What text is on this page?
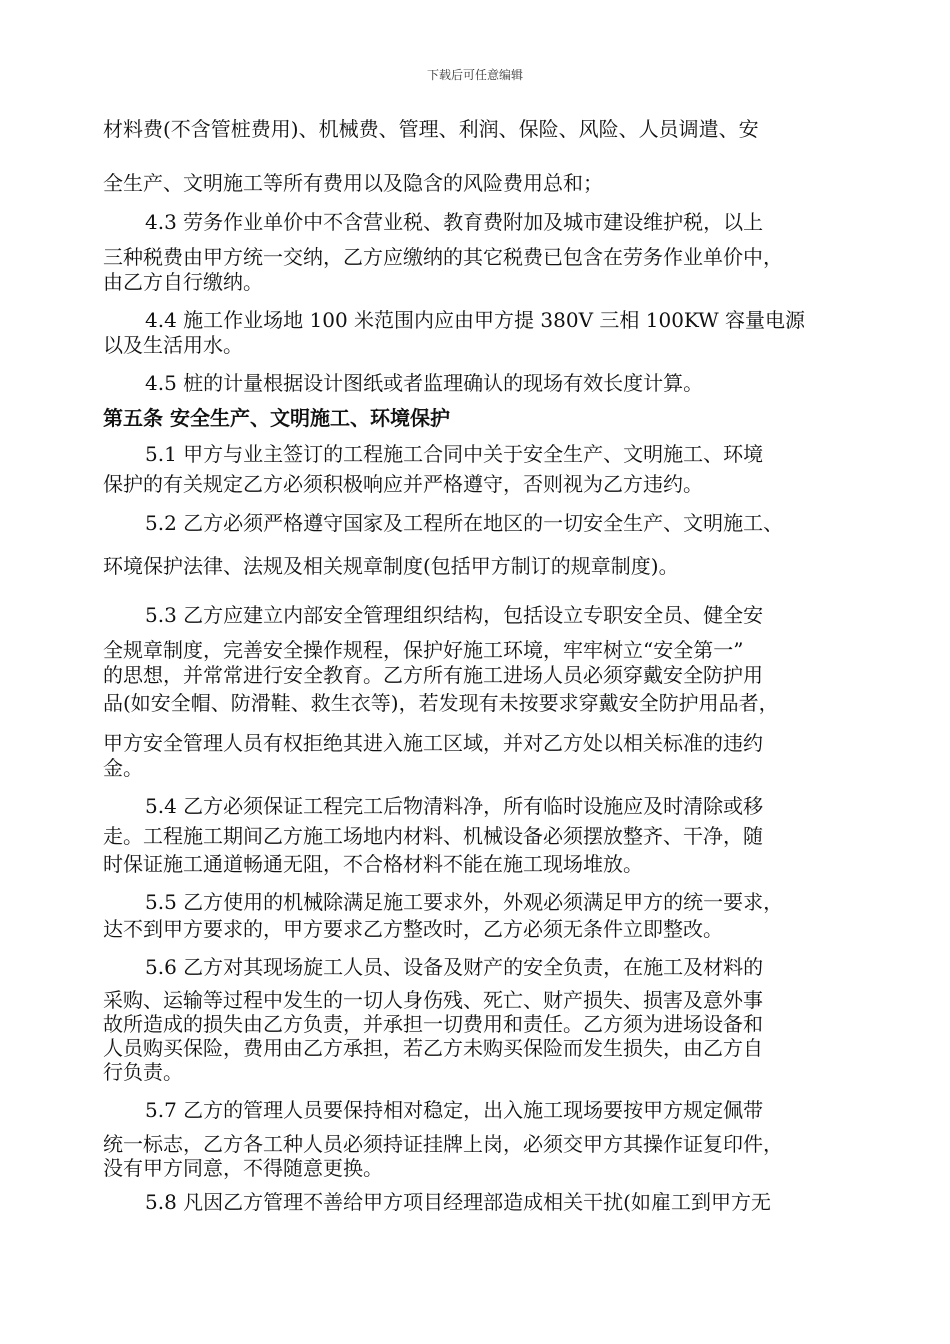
下载后可任意编辑
材料费(不含管桩费用)、机械费、管理、利润、保险、风险、人员调遣、安
全生产、文明施工等所有费用以及隐含的风险费用总和；
4.3 劳务作业单价中不含营业税、教育费附加及城市建设维护税，以上
三种税费由甲方统一交纳，乙方应缴纳的其它税费已包含在劳务作业单价中，
由乙方自行缴纳。
4.4 施工作业场地 100 米范围内应由甲方提 380V 三相 100KW 容量电源
以及生活用水。
4.5 桩的计量根据设计图纸或者监理确认的现场有效长度计算。
第五条 安全生产、文明施工、环境保护
5.1 甲方与业主签订的工程施工合同中关于安全生产、文明施工、环境
保护的有关规定乙方必须积极响应并严格遵守，否则视为乙方违约。
5.2 乙方必须严格遵守国家及工程所在地区的一切安全生产、文明施工、
环境保护法律、法规及相关规章制度(包括甲方制订的规章制度)。
5.3 乙方应建立内部安全管理组织结构，包括设立专职安全员、健全安
全规章制度，完善安全操作规程，保护好施工环境，牢牢树立“安全第一”
的思想，并常常进行安全教育。乙方所有施工进场人员必须穿戴安全防护用
品(如安全帽、防滑鞋、救生衣等)，若发现有未按要求穿戴安全防护用品者，
甲方安全管理人员有权拒绝其进入施工区域，并对乙方处以相关标准的违约
金。
5.4 乙方必须保证工程完工后物清料净，所有临时设施应及时清除或移
走。工程施工期间乙方施工场地内材料、机械设备必须摆放整齐、干净，随
时保证施工通道畅通无阻，不合格材料不能在施工现场堆放。
5.5 乙方使用的机械除满足施工要求外，外观必须满足甲方的统一要求，
达不到甲方要求的，甲方要求乙方整改时，乙方必须无条件立即整改。
5.6 乙方对其现场旋工人员、设备及财产的安全负责，在施工及材料的
采购、运输等过程中发生的一切人身伤残、死亡、财产损失、损害及意外事
故所造成的损失由乙方负责，并承担一切费用和责任。乙方须为进场设备和
人员购买保险，费用由乙方承担，若乙方未购买保险而发生损失，由乙方自
行负责。
5.7 乙方的管理人员要保持相对稳定，出入施工现场要按甲方规定佩带
统一标志，乙方各工种人员必须持证挂牌上岗，必须交甲方其操作证复印件，
没有甲方同意，不得随意更换。
5.8 凡因乙方管理不善给甲方项目经理部造成相关干扰(如雇工到甲方无
